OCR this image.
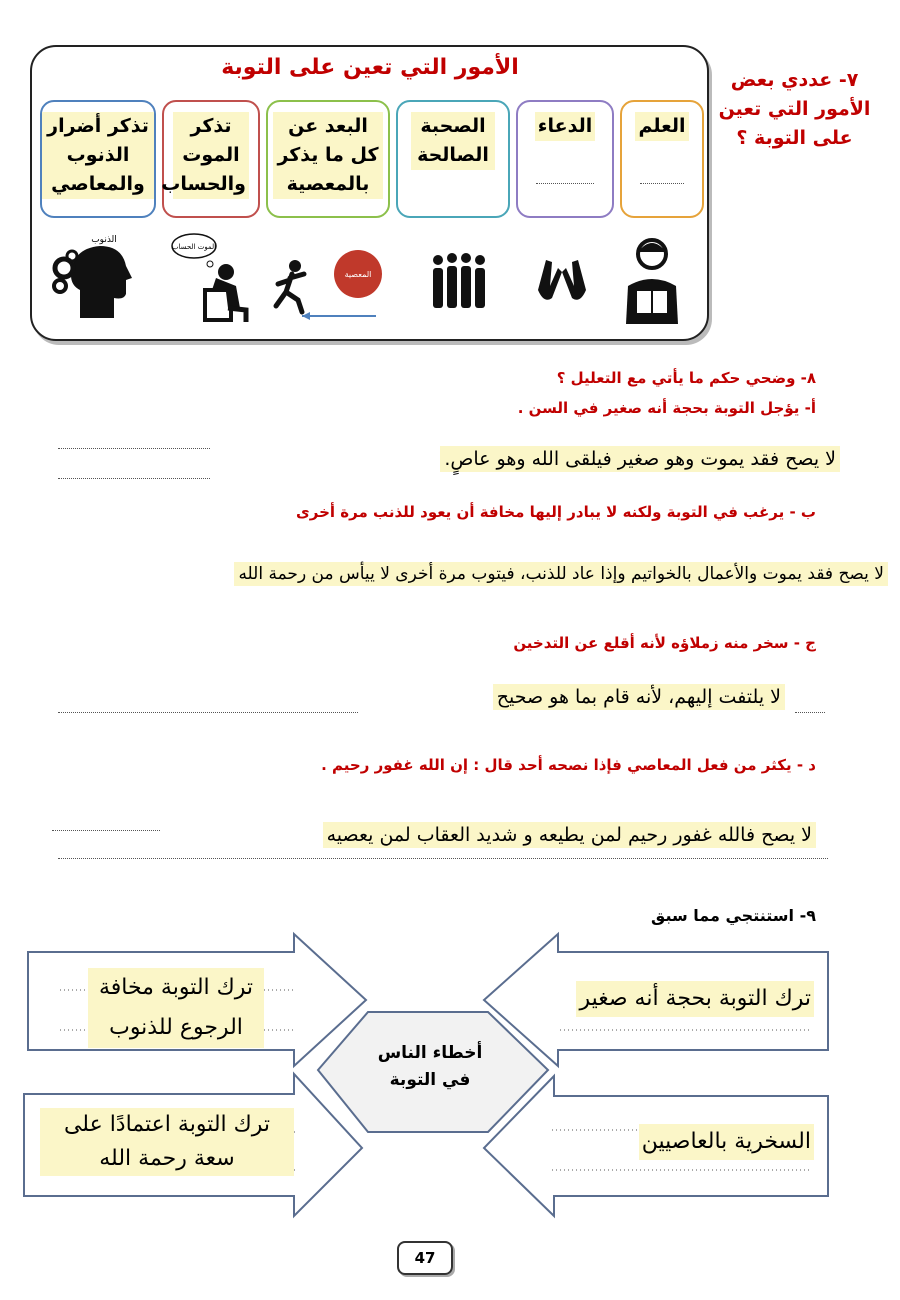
الأمور التي تعين على التوبة
العلم
الدعاء
الصحبة الصالحة
البعد عن كل ما يذكر بالمعصية
تذكر الموت والحساب
تذكر أضرار الذنوب والمعاصي
الذنوب
الموت الحساب
المعصية
٧- عددي بعض الأمور التي تعين على التوبة ؟
٨- وضحي حكم ما يأتي مع التعليل ؟
أ- يؤجل التوبة بحجة أنه صغير في السن .
لا يصح فقد يموت وهو صغير فيلقى الله وهو عاصٍ.
ب - يرغب في التوبة ولكنه لا يبادر إليها مخافة أن يعود للذنب مرة أخرى
لا يصح فقد يموت والأعمال بالخواتيم وإذا عاد للذنب، فيتوب مرة أخرى لا ييأس من رحمة الله
ج - سخر منه زملاؤه لأنه أقلع عن التدخين
لا يلتفت إليهم، لأنه قام بما هو صحيح
د - يكثر من فعل المعاصي فإذا نصحه أحد قال : إن الله غفور رحيم .
لا يصح فالله غفور رحيم لمن يطيعه و شديد العقاب لمن يعصيه
٩- استنتجي مما سبق
أخطاء الناس في التوبة
ترك التوبة بحجة أنه صغير
السخرية بالعاصيين
ترك التوبة مخافة الرجوع للذنوب
ترك التوبة اعتمادًا على سعة رحمة الله
47
